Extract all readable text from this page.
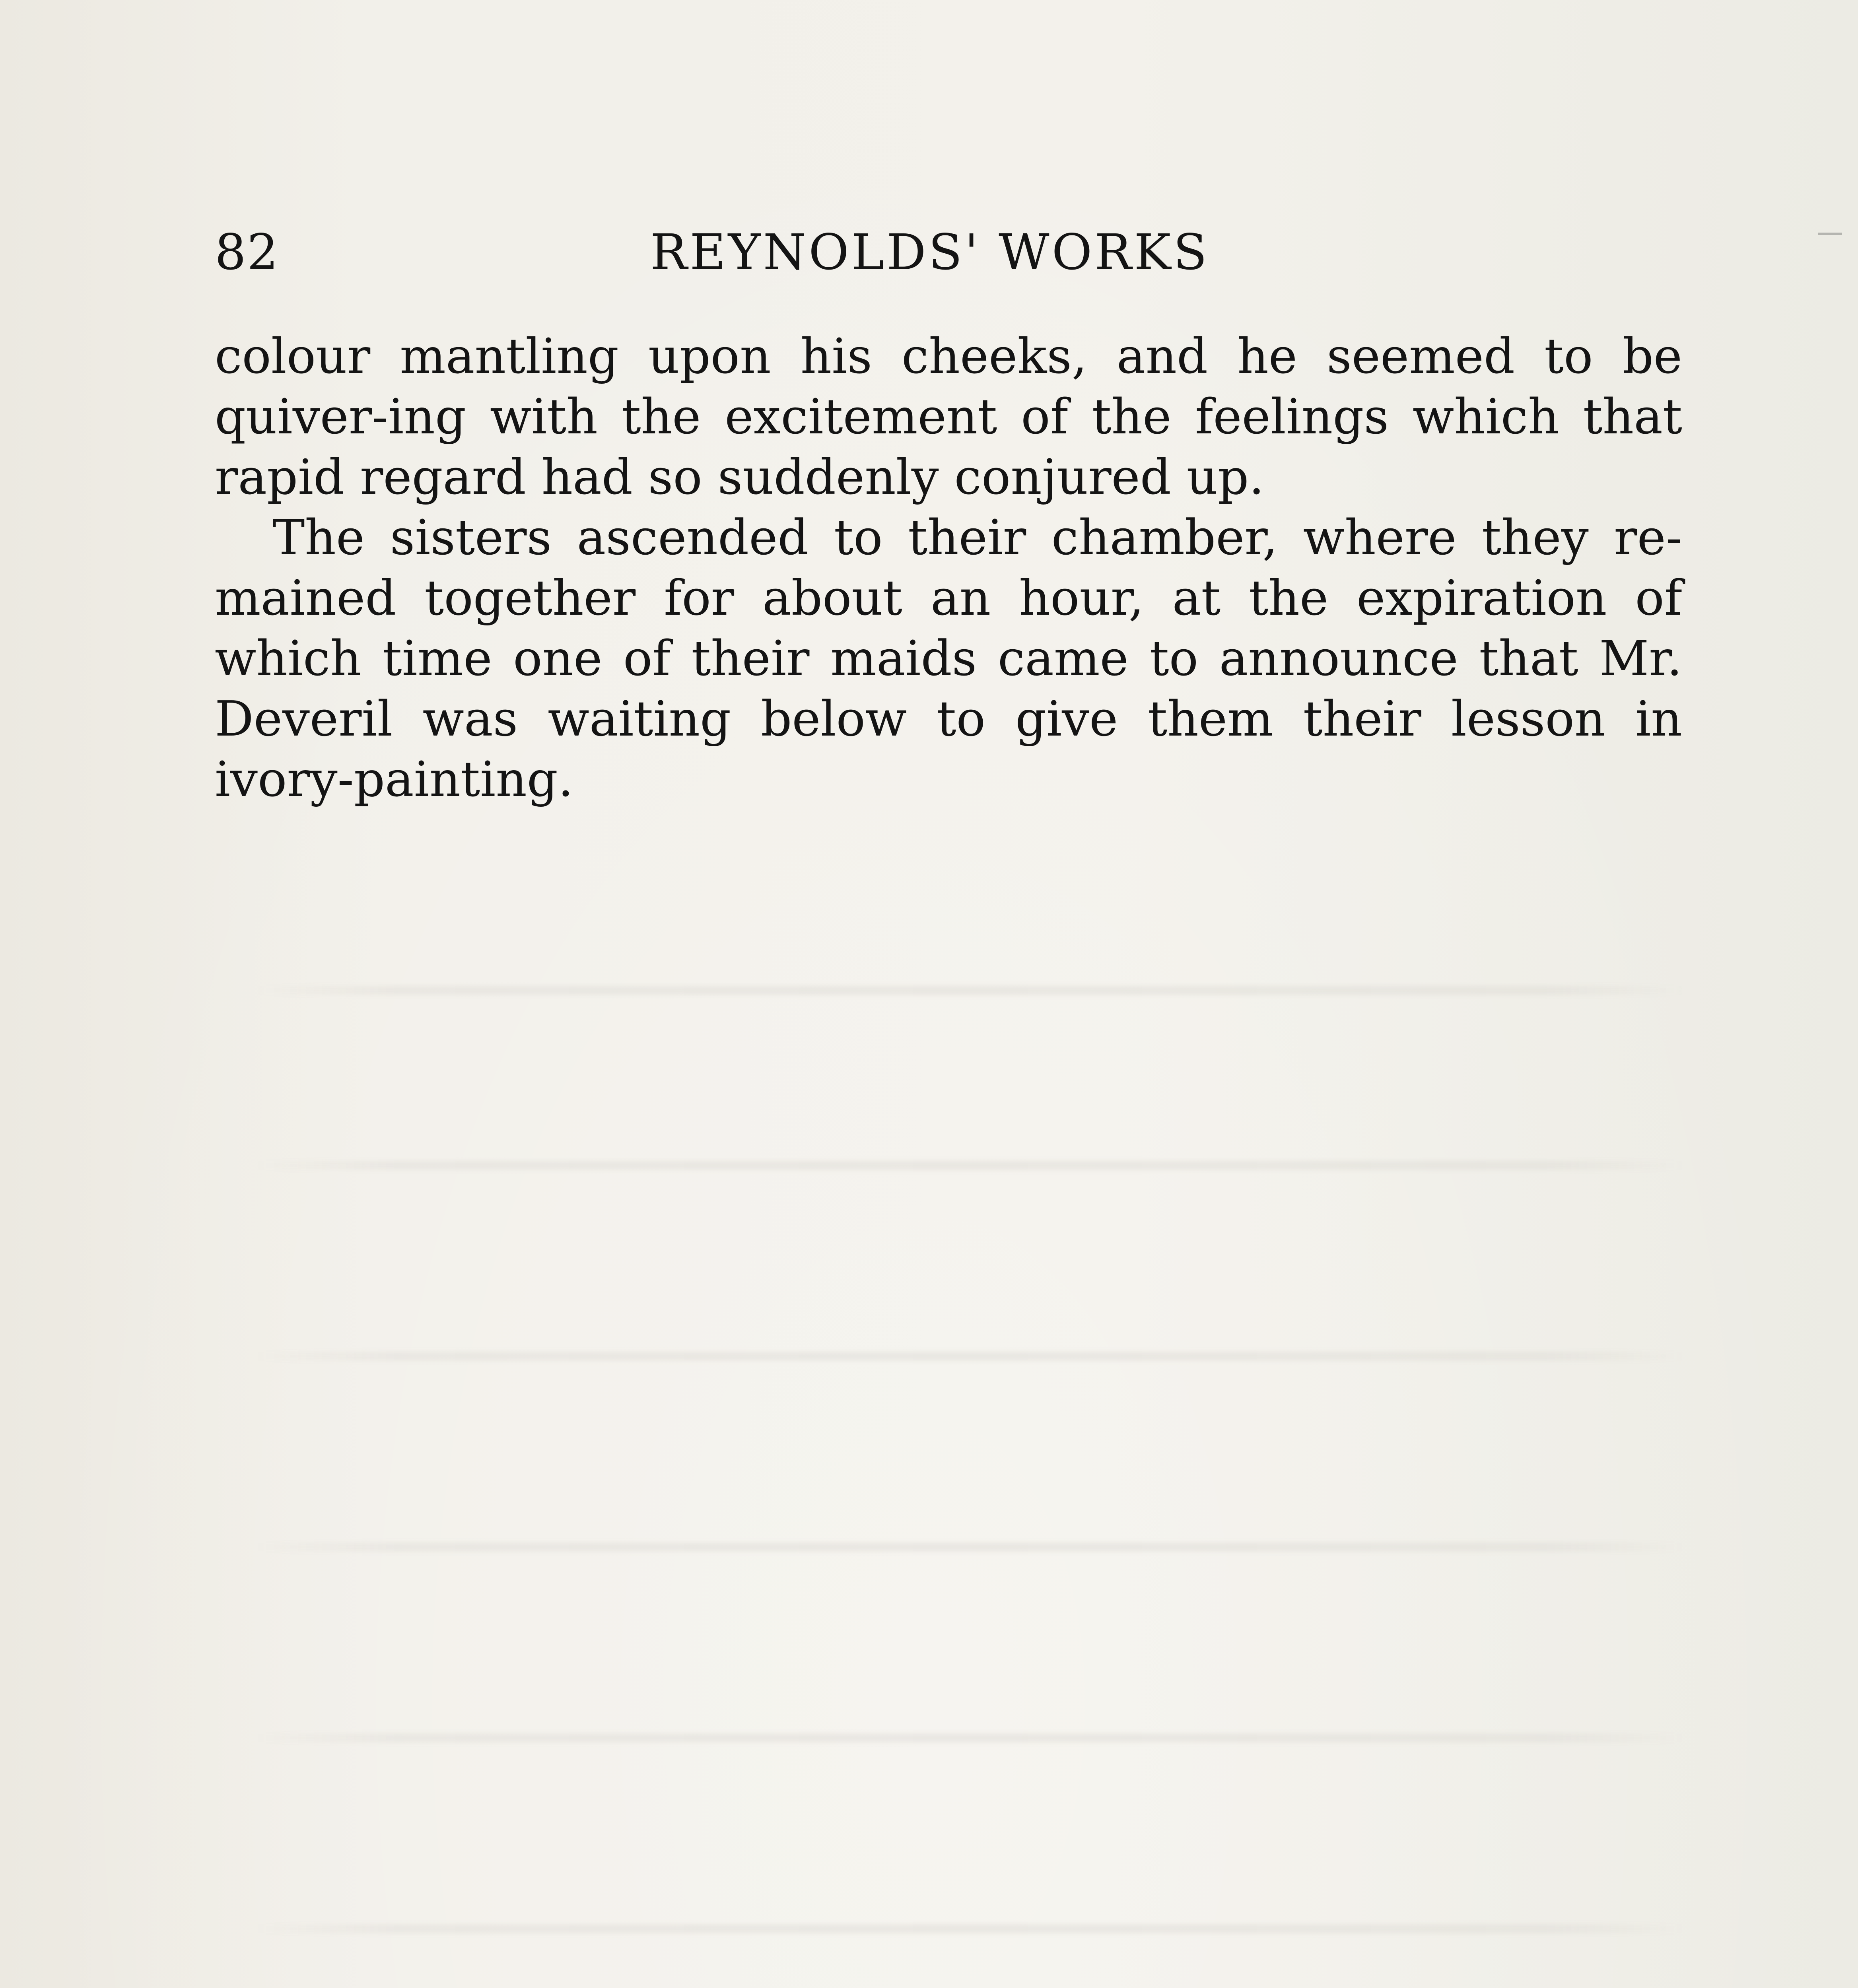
82	REYNOLDS' WORKS

colour mantling upon his cheeks, and he seemed to be quiver-ing with the excitement of the feelings which that rapid regard had so suddenly conjured up.

The sisters ascended to their chamber, where they re-mained together for about an hour, at the expiration of which time one of their maids came to announce that Mr. Deveril was waiting below to give them their lesson in ivory-painting.
